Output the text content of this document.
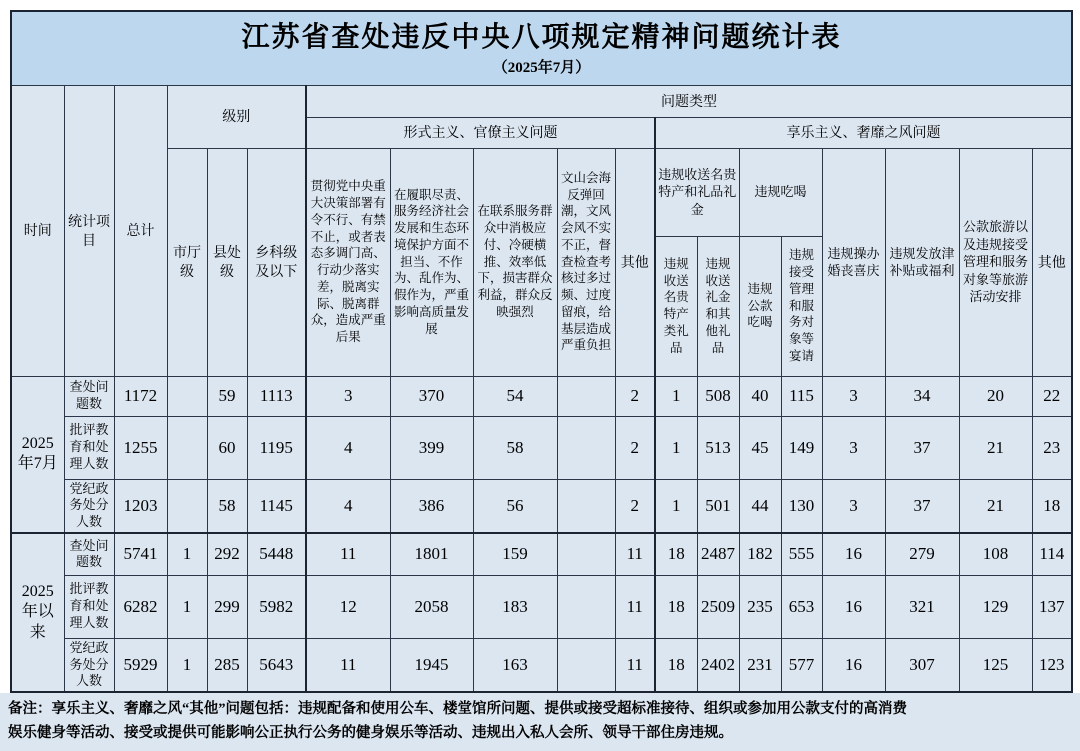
江苏省查处违反中央八项规定精神问题统计表
（2025年7月）																		

时间	统计项目	总计	级别			问题类型												
						形式主义、官僚主义问题					享乐主义、奢靡之风问题							
			市厅级	县处级	乡科级及以下	贯彻党中央重大决策部署有令不行、有禁不止，或者表态多调门高、行动少落实差，脱离实际、脱离群众，造成严重后果	在履职尽责、服务经济社会发展和生态环境保护方面不担当、不作为、乱作为、假作为，严重影响高质量发展	在联系服务群众中消极应付、冷硬横推、效率低下，损害群众利益，群众反映强烈	文山会海反弹回潮，文风会风不实不正，督查检查考核过多过频、过度留痕，给基层造成严重负担	其他	违规收送名贵特产和礼品礼金		违规吃喝		违规操办婚丧喜庆	违规发放津补贴或福利	公款旅游以及违规接受管理和服务对象等旅游活动安排	其他
											违规收送名贵特产类礼品	违规收送礼金和其他礼品	违规公款吃喝	违规接受管理和服务对象等宴请				
2025年7月	查处问题数	1172		59	1113	3	370	54		2	1	508	40	115	3	34	20	22
	批评教育和处理人数	1255		60	1195	4	399	58		2	1	513	45	149	3	37	21	23
	党纪政务处分人数	1203		58	1145	4	386	56		2	1	501	44	130	3	37	21	18
2025年以来	查处问题数	5741	1	292	5448	11	1801	159		11	18	2487	182	555	16	279	108	114
	批评教育和处理人数	6282	1	299	5982	12	2058	183		11	18	2509	235	653	16	321	129	137
	党纪政务处分人数	5929	1	285	5643	11	1945	163		11	18	2402	231	577	16	307	125	123
备注：享乐主义、奢靡之风“其他”问题包括：违规配备和使用公车、楼堂馆所问题、提供或接受超标准接待、组织或参加用公款支付的高消费
娱乐健身等活动、接受或提供可能影响公正执行公务的健身娱乐等活动、违规出入私人会所、领导干部住房违规。
